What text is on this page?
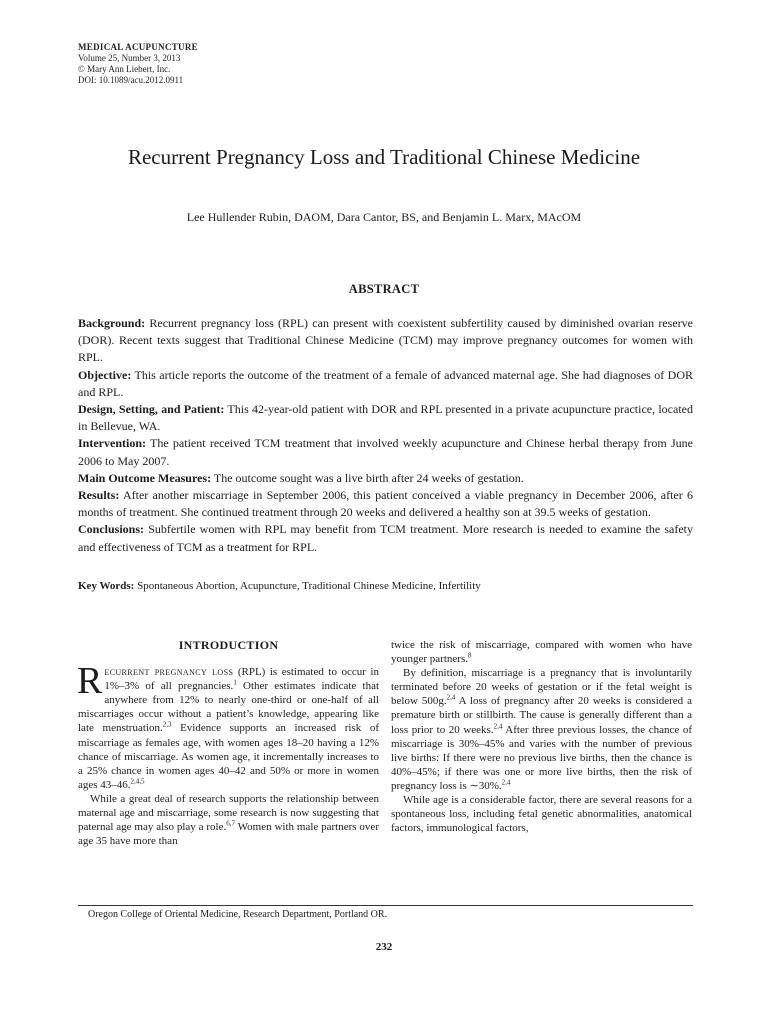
MEDICAL ACUPUNCTURE
Volume 25, Number 3, 2013
© Mary Ann Liebert, Inc.
DOI: 10.1089/acu.2012.0911
Recurrent Pregnancy Loss and Traditional Chinese Medicine
Lee Hullender Rubin, DAOM, Dara Cantor, BS, and Benjamin L. Marx, MAcOM
ABSTRACT

Background: Recurrent pregnancy loss (RPL) can present with coexistent subfertility caused by diminished ovarian reserve (DOR). Recent texts suggest that Traditional Chinese Medicine (TCM) may improve pregnancy outcomes for women with RPL.

Objective: This article reports the outcome of the treatment of a female of advanced maternal age. She had diagnoses of DOR and RPL.

Design, Setting, and Patient: This 42-year-old patient with DOR and RPL presented in a private acupuncture practice, located in Bellevue, WA.

Intervention: The patient received TCM treatment that involved weekly acupuncture and Chinese herbal therapy from June 2006 to May 2007.

Main Outcome Measures: The outcome sought was a live birth after 24 weeks of gestation.

Results: After another miscarriage in September 2006, this patient conceived a viable pregnancy in December 2006, after 6 months of treatment. She continued treatment through 20 weeks and delivered a healthy son at 39.5 weeks of gestation.

Conclusions: Subfertile women with RPL may benefit from TCM treatment. More research is needed to examine the safety and effectiveness of TCM as a treatment for RPL.

Key Words: Spontaneous Abortion, Acupuncture, Traditional Chinese Medicine, Infertility
INTRODUCTION

Recurrent pregnancy loss (RPL) is estimated to occur in 1%–3% of all pregnancies.$^1$ Other estimates indicate that anywhere from 12% to nearly one-third or one-half of all miscarriages occur without a patient’s knowledge, appearing like late menstruation.$^{2,3}$ Evidence supports an increased risk of miscarriage as females age, with women ages 18–20 having a 12% chance of miscarriage. As women age, it incrementally increases to a 25% chance in women ages 40–42 and 50% or more in women ages 43–46.$^{2,4,5}$

While a great deal of research supports the relationship between maternal age and miscarriage, some research is now suggesting that paternal age may also play a role.$^{6,7}$ Women with male partners over age 35 have more than

twice the risk of miscarriage, compared with women who have younger partners.$^8$

By definition, miscarriage is a pregnancy that is involuntarily terminated before 20 weeks of gestation or if the fetal weight is below 500g.$^{2,4}$ A loss of pregnancy after 20 weeks is considered a premature birth or stillbirth. The cause is generally different than a loss prior to 20 weeks.$^{2,4}$ After three previous losses, the chance of miscarriage is 30%–45% and varies with the number of previous live births: If there were no previous live births, then the chance is 40%–45%; if there was one or more live births, then the risk of pregnancy loss is ∼30%.$^{2,4}$

While age is a considerable factor, there are several reasons for a spontaneous loss, including fetal genetic abnormalities, anatomical factors, immunological factors,

Oregon College of Oriental Medicine, Research Department, Portland OR.
232
